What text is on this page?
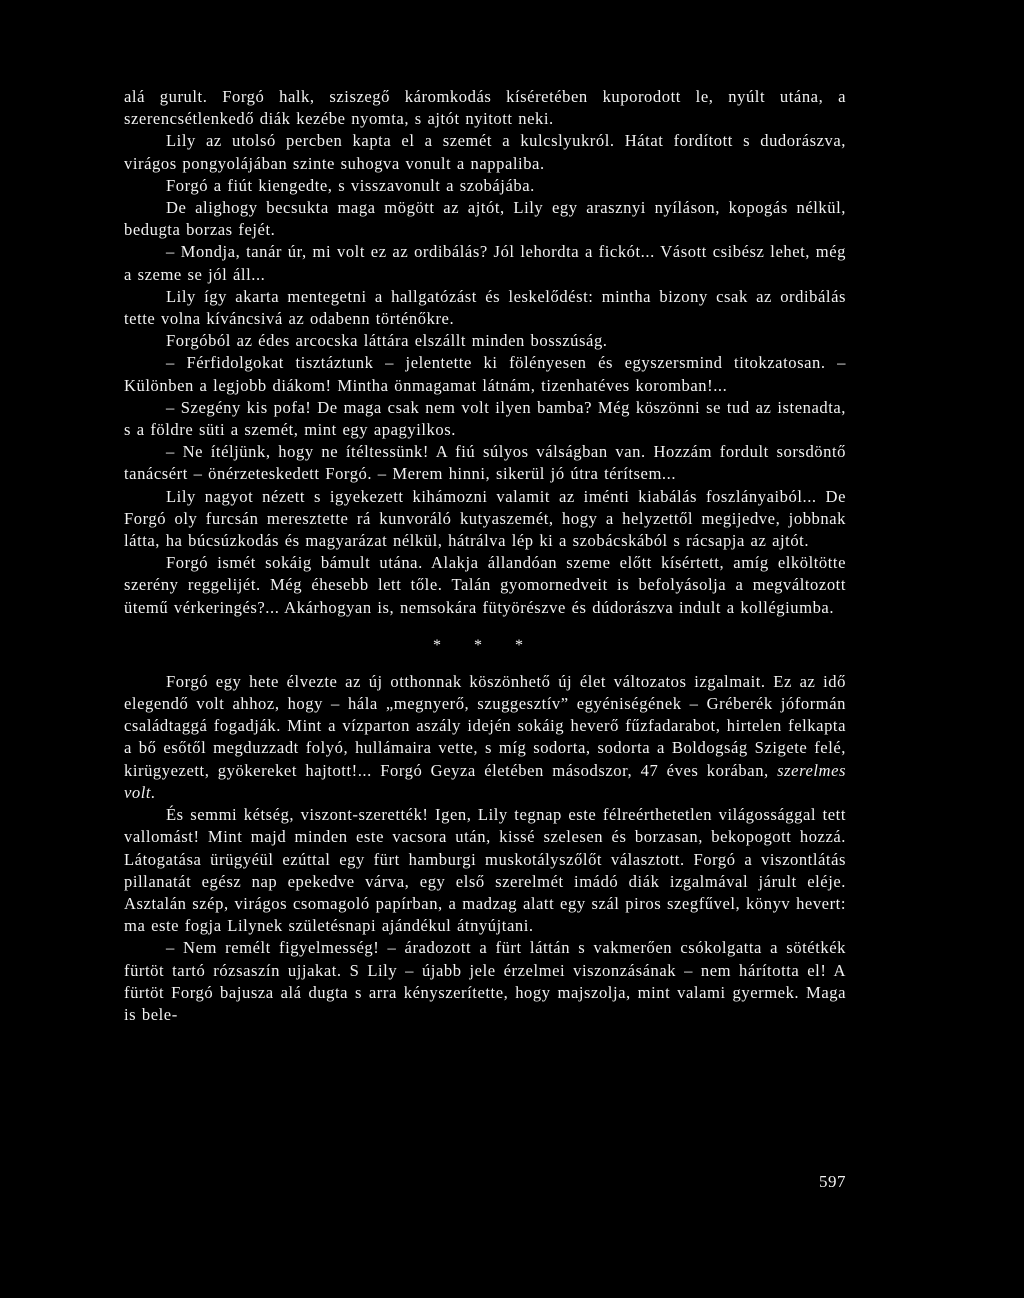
alá gurult. Forgó halk, sziszegő káromkodás kíséretében kuporodott le, nyúlt utána, a szerencsétlenkedő diák kezébe nyomta, s ajtót nyitott neki.

Lily az utolsó percben kapta el a szemét a kulcslyukról. Hátat fordított s dudorászva, virágos pongyolájában szinte suhogva vonult a nappaliba.

Forgó a fiút kiengedte, s visszavonult a szobájába.

De alighogy becsukta maga mögött az ajtót, Lily egy arasznyi nyíláson, kopogás nélkül, bedugta borzas fejét.

– Mondja, tanár úr, mi volt ez az ordibálás? Jól lehordta a fickót... Vásott csibész lehet, még a szeme se jól áll...

Lily így akarta mentegetni a hallgatózást és leskelődést: mintha bizony csak az ordibálás tette volna kíváncsivá az odabenn történőkre.

Forgóból az édes arcocska láttára elszállt minden bosszúság.

– Férfidolgokat tisztáztunk – jelentette ki fölényesen és egyszersmind titokzatosan. – Különben a legjobb diákom! Mintha önmagamat látnám, tizenhatéves koromban!...

– Szegény kis pofa! De maga csak nem volt ilyen bamba? Még köszönni se tud az istenadta, s a földre süti a szemét, mint egy apagyilkos.

– Ne ítéljünk, hogy ne ítéltessünk! A fiú súlyos válságban van. Hozzám fordult sorsdöntő tanácsért – önérzeteskedett Forgó. – Merem hinni, sikerül jó útra térítsem...

Lily nagyot nézett s igyekezett kihámozni valamit az iménti kiabálás foszlányaiból... De Forgó oly furcsán meresztette rá kunvoráló kutyaszemét, hogy a helyzettől megijedve, jobbnak látta, ha búcsúzkodás és magyarázat nélkül, hátrálva lép ki a szobácskából s rácsapja az ajtót.

Forgó ismét sokáig bámult utána. Alakja állandóan szeme előtt kísértett, amíg elköltötte szerény reggelijét. Még éhesebb lett tőle. Talán gyomornedveit is befolyásolja a megváltozott ütemű vérkeringés?... Akárhogyan is, nemsokára fütyörészve és dúdorászva indult a kollégiumba.

* * *

Forgó egy hete élvezte az új otthonnak köszönhető új élet változatos izgalmait. Ez az idő elegendő volt ahhoz, hogy – hála „megnyerő, szuggesztív” egyéniségének – Gréberék jóformán családtaggá fogadják. Mint a vízparton aszály idején sokáig heverő fűzfadarabot, hirtelen felkapta a bő esőtől megduzzadt folyó, hullámaira vette, s míg sodorta, sodorta a Boldogság Szigete felé, kirügyezett, gyökereket hajtott!... Forgó Geyza életében másodszor, 47 éves korában, szerelmes volt.

És semmi kétség, viszont-szerették! Igen, Lily tegnap este félreérthetetlen világossággal tett vallomást! Mint majd minden este vacsora után, kissé szelesen és borzasan, bekopogott hozzá. Látogatása ürügyéül ezúttal egy fürt hamburgi muskotályszőlőt választott. Forgó a viszontlátás pillanatát egész nap epekedve várva, egy első szerelmét imádó diák izgalmával járult eléje. Asztalán szép, virágos csomagoló papírban, a madzag alatt egy szál piros szegfűvel, könyv hevert: ma este fogja Lilynek születésnapi ajándékul átnyújtani.

– Nem remélt figyelmesség! – áradozott a fürt láttán s vakmerően csókolgatta a sötétkék fürtöt tartó rózsaszín ujjakat. S Lily – újabb jele érzelmei viszonzásának – nem hárította el! A fürtöt Forgó bajusza alá dugta s arra kényszerítette, hogy majszolja, mint valami gyermek. Maga is bele-

597
